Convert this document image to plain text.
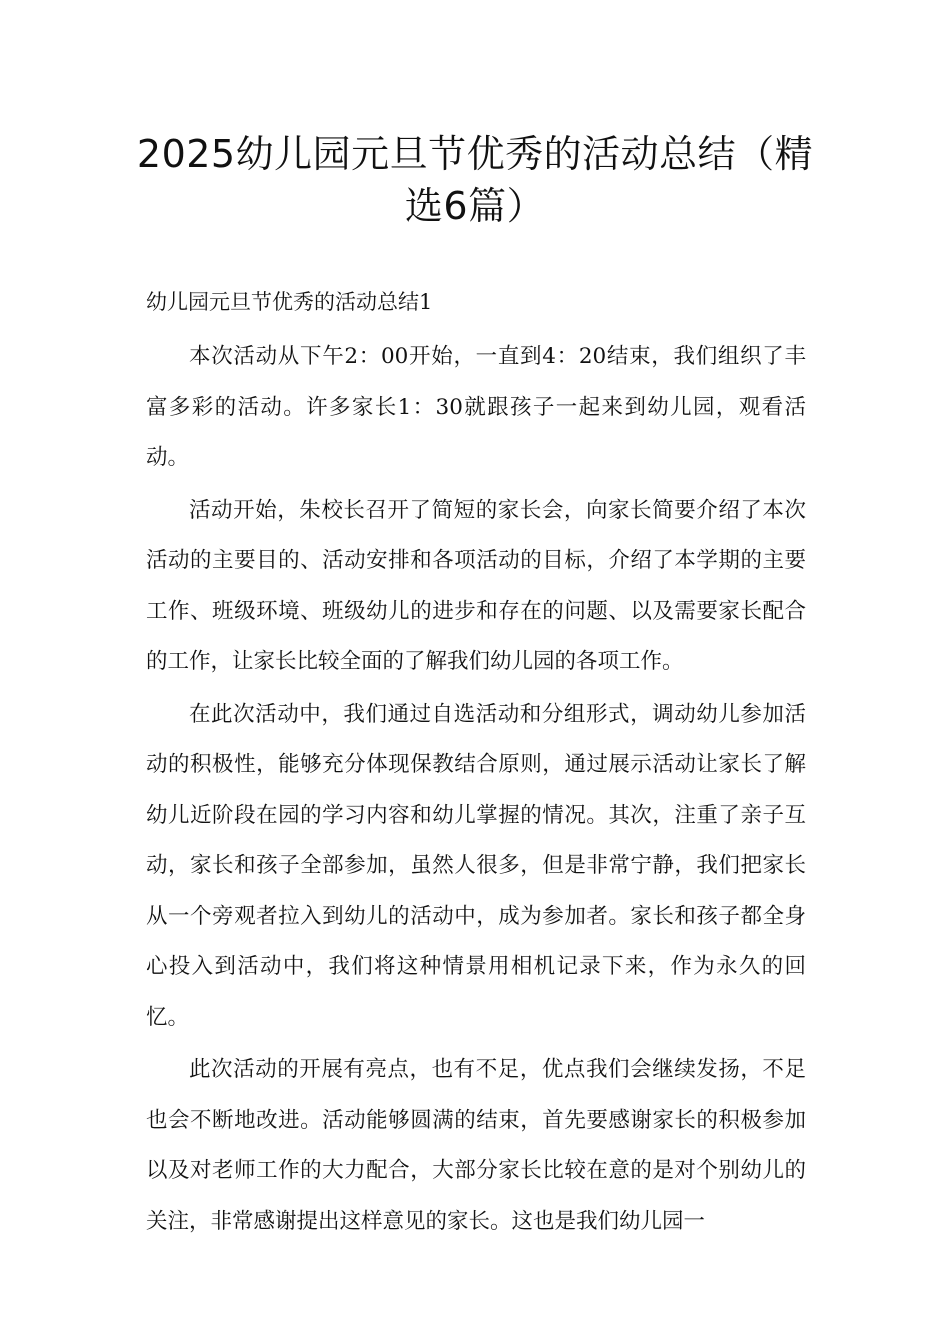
2025幼儿园元旦节优秀的活动总结（精选6篇）

幼儿园元旦节优秀的活动总结1

本次活动从下午2：00开始，一直到4：20结束，我们组织了丰富多彩的活动。许多家长1：30就跟孩子一起来到幼儿园，观看活动。

活动开始，朱校长召开了简短的家长会，向家长简要介绍了本次活动的主要目的、活动安排和各项活动的目标，介绍了本学期的主要工作、班级环境、班级幼儿的进步和存在的问题、以及需要家长配合的工作，让家长比较全面的了解我们幼儿园的各项工作。

在此次活动中，我们通过自选活动和分组形式，调动幼儿参加活动的积极性，能够充分体现保教结合原则，通过展示活动让家长了解幼儿近阶段在园的学习内容和幼儿掌握的情况。其次，注重了亲子互动，家长和孩子全部参加，虽然人很多，但是非常宁静，我们把家长从一个旁观者拉入到幼儿的活动中，成为参加者。家长和孩子都全身心投入到活动中，我们将这种情景用相机记录下来，作为永久的回忆。

此次活动的开展有亮点，也有不足，优点我们会继续发扬，不足也会不断地改进。活动能够圆满的结束，首先要感谢家长的积极参加以及对老师工作的大力配合，大部分家长比较在意的是对个别幼儿的关注，非常感谢提出这样意见的家长。这也是我们幼儿园一
